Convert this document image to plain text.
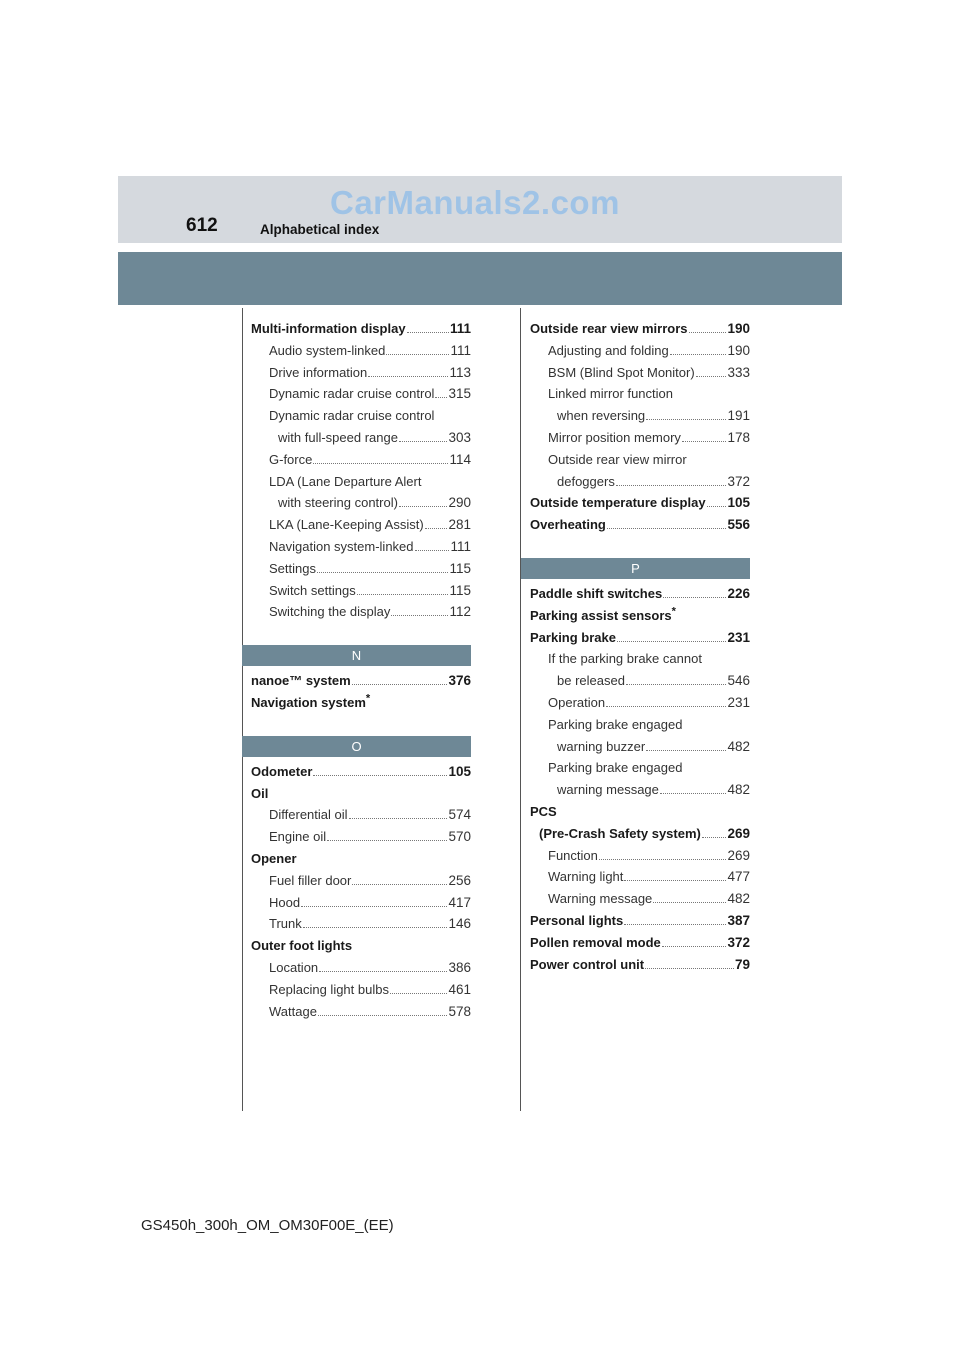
CarManuals2.com
612	Alphabetical index
Multi-information display	111
Audio system-linked	111
Drive information	113
Dynamic radar cruise control 315
Dynamic radar cruise control
with full-speed range	303
G-force	114
LDA (Lane Departure Alert
with steering control)	290
LKA (Lane-Keeping Assist) 281
Navigation system-linked	111
Settings	115
Switch settings	115
Switching the display	112
N
nanoe™ system	376
Navigation system*
O
Odometer	105
Oil
Differential oil	574
Engine oil	570
Opener
Fuel filler door	256
Hood	417
Trunk	146
Outer foot lights
Location	386
Replacing light bulbs	461
Wattage	578
Outside rear view mirrors	190
Adjusting and folding	190
BSM (Blind Spot Monitor) 333
Linked mirror function
when reversing	191
Mirror position memory	178
Outside rear view mirror
defoggers	372
Outside temperature display 105
Overheating	556
P
Paddle shift switches	226
Parking assist sensors*
Parking brake	231
If the parking brake cannot
be released	546
Operation	231
Parking brake engaged
warning buzzer	482
Parking brake engaged
warning message	482
PCS
(Pre-Crash Safety system) 269
Function	269
Warning light	477
Warning message	482
Personal lights	387
Pollen removal mode	372
Power control unit	79
GS450h_300h_OM_OM30F00E_(EE)
